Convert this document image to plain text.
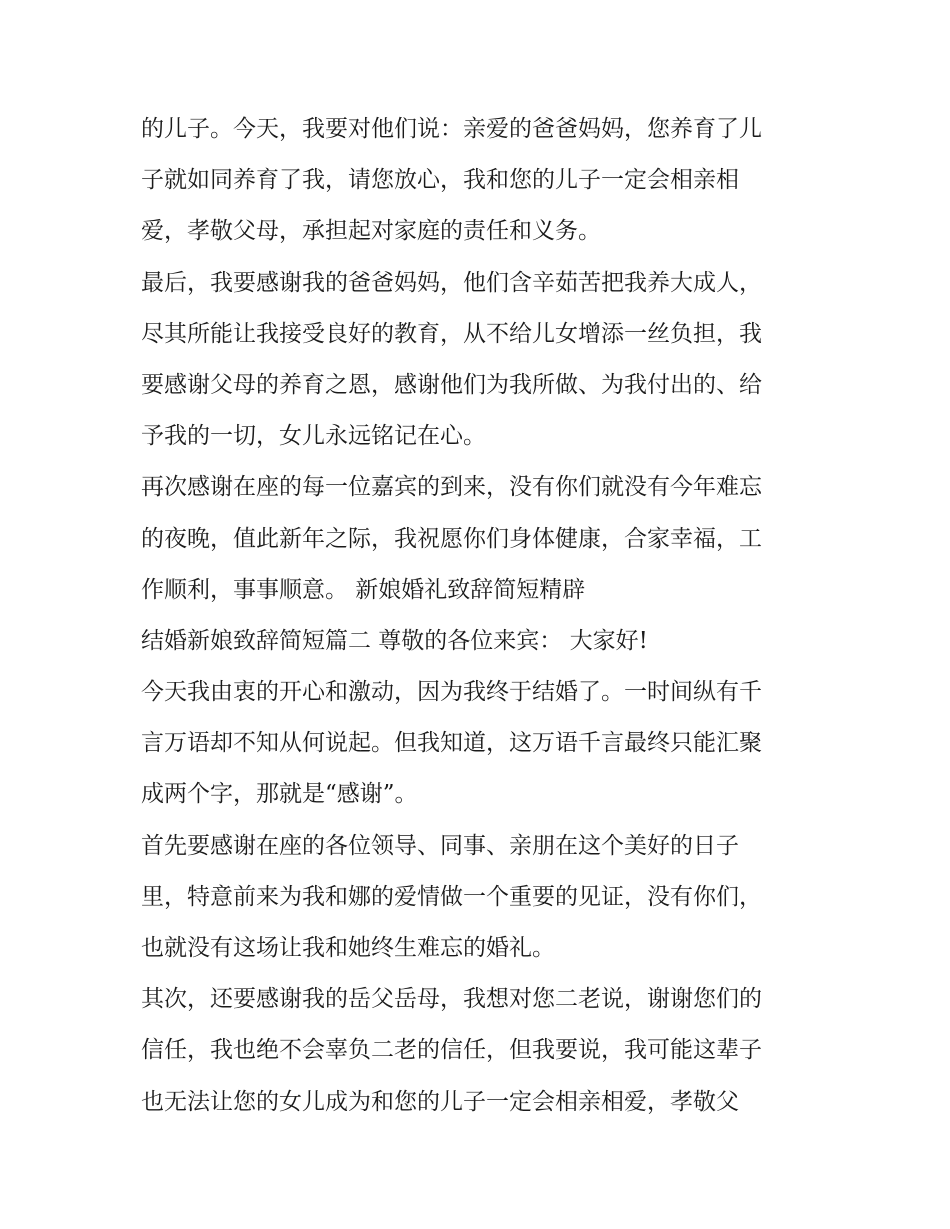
的儿子。今天，我要对他们说：亲爱的爸爸妈妈，您养育了儿
子就如同养育了我，请您放心，我和您的儿子一定会相亲相
爱，孝敬父母，承担起对家庭的责任和义务。
最后，我要感谢我的爸爸妈妈，他们含辛茹苦把我养大成人，
尽其所能让我接受良好的教育，从不给儿女增添一丝负担，我
要感谢父母的养育之恩，感谢他们为我所做、为我付出的、给
予我的一切，女儿永远铭记在心。
再次感谢在座的每一位嘉宾的到来，没有你们就没有今年难忘
的夜晚，值此新年之际，我祝愿你们身体健康，合家幸福，工
作顺利，事事顺意。 新娘婚礼致辞简短精辟
结婚新娘致辞简短篇二 尊敬的各位来宾： 大家好!
今天我由衷的开心和激动，因为我终于结婚了。一时间纵有千
言万语却不知从何说起。但我知道，这万语千言最终只能汇聚
成两个字，那就是“感谢”。
首先要感谢在座的各位领导、同事、亲朋在这个美好的日子
里，特意前来为我和娜的爱情做一个重要的见证，没有你们，
也就没有这场让我和她终生难忘的婚礼。
其次，还要感谢我的岳父岳母，我想对您二老说，谢谢您们的
信任，我也绝不会辜负二老的信任，但我要说，我可能这辈子
也无法让您的女儿成为和您的儿子一定会相亲相爱，孝敬父
